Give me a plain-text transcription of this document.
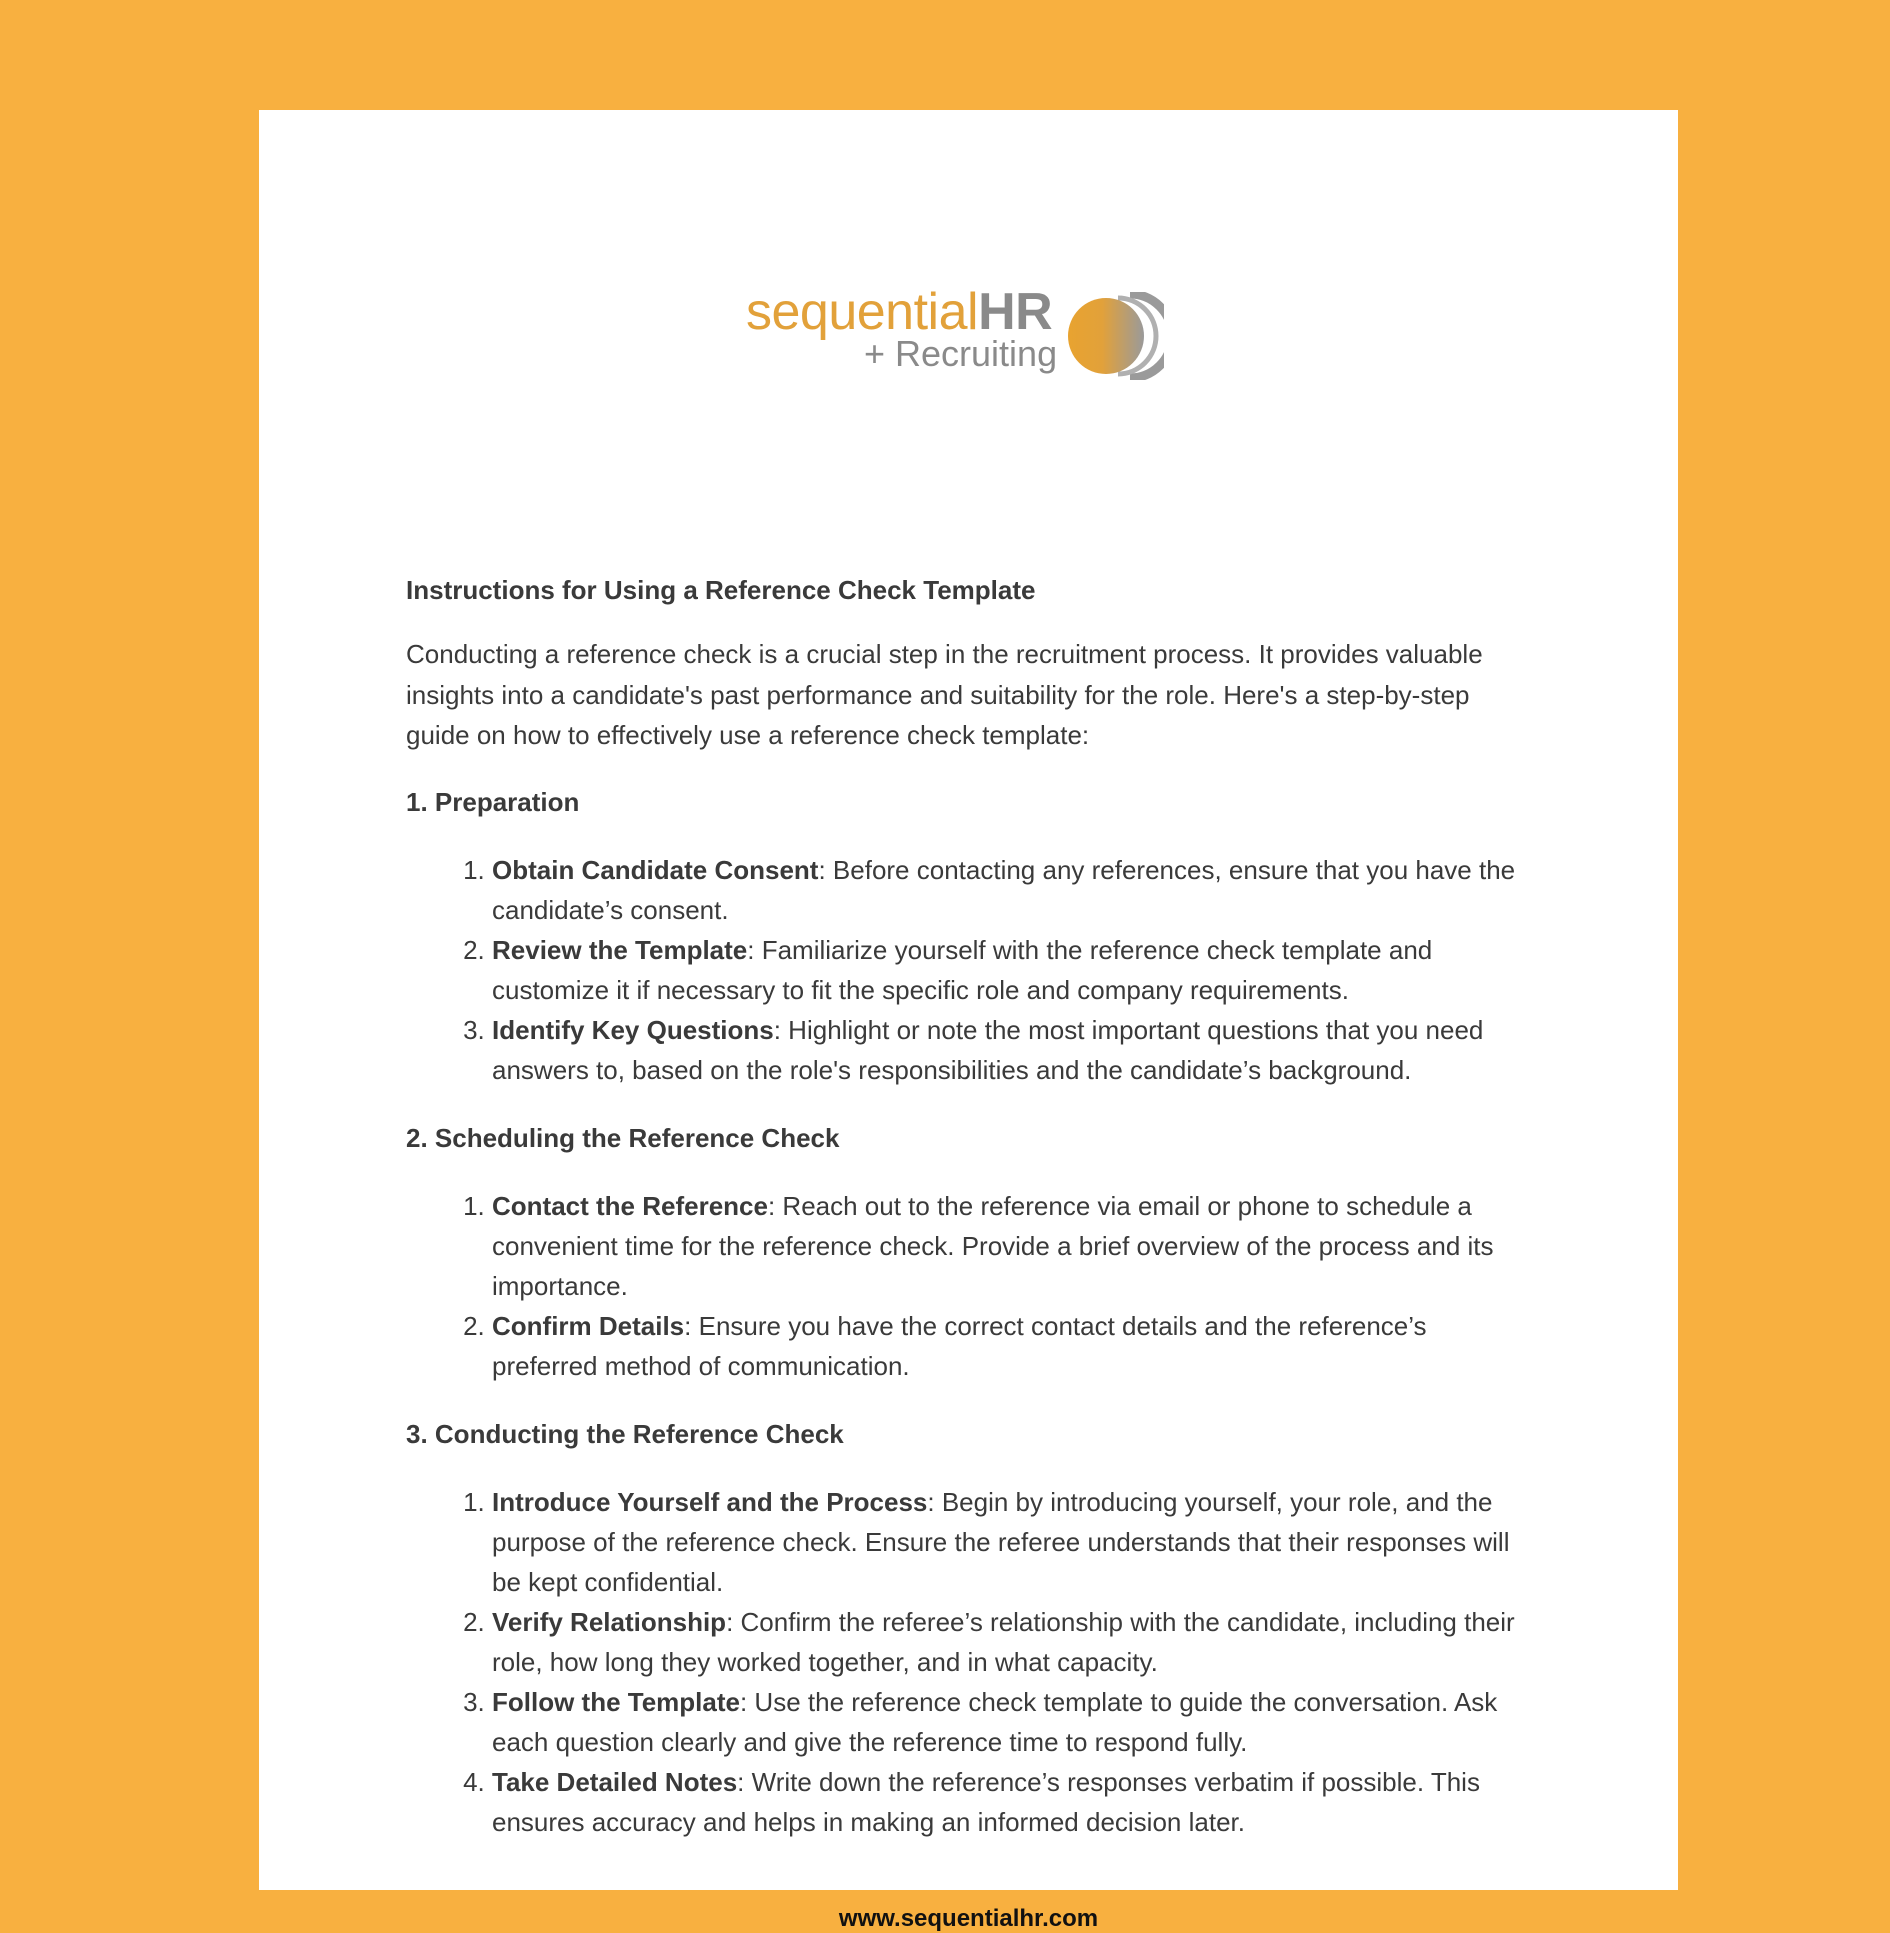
sequentialHR
+ Recruiting
Instructions for Using a Reference Check Template
Conducting a reference check is a crucial step in the recruitment process. It provides valuable insights into a candidate's past performance and suitability for the role. Here's a step-by-step guide on how to effectively use a reference check template:
1. Preparation
1. Obtain Candidate Consent: Before contacting any references, ensure that you have the candidate’s consent.
2. Review the Template: Familiarize yourself with the reference check template and customize it if necessary to fit the specific role and company requirements.
3. Identify Key Questions: Highlight or note the most important questions that you need answers to, based on the role's responsibilities and the candidate’s background.
2. Scheduling the Reference Check
1. Contact the Reference: Reach out to the reference via email or phone to schedule a convenient time for the reference check. Provide a brief overview of the process and its importance.
2. Confirm Details: Ensure you have the correct contact details and the reference’s preferred method of communication.
3. Conducting the Reference Check
1. Introduce Yourself and the Process: Begin by introducing yourself, your role, and the purpose of the reference check. Ensure the referee understands that their responses will be kept confidential.
2. Verify Relationship: Confirm the referee’s relationship with the candidate, including their role, how long they worked together, and in what capacity.
3. Follow the Template: Use the reference check template to guide the conversation. Ask each question clearly and give the reference time to respond fully.
4. Take Detailed Notes: Write down the reference’s responses verbatim if possible. This ensures accuracy and helps in making an informed decision later.
www.sequentialhr.com
